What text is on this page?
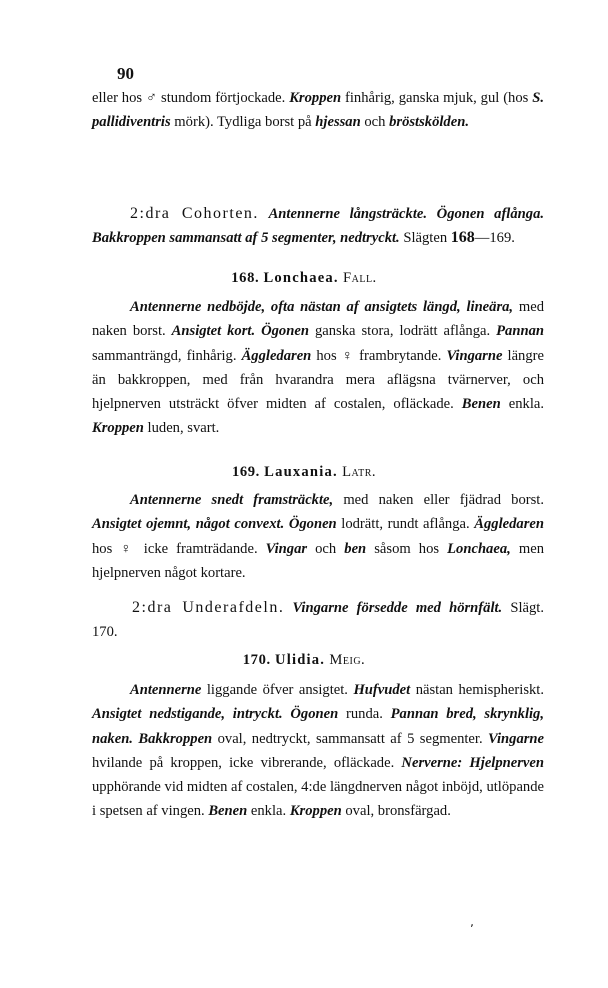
90

eller hos ♂ stundom förtjockade. Kroppen finhårig, ganska mjuk, gul (hos S. pallidiventris mörk). Tydliga borst på hjessan och bröstskölden.

2:dra Cohorten. Antennerne långsträckte. Ögonen aflånga. Bakkroppen sammansatt af 5 segmenter, nedtryckt. Slägten 168—169.

168. Lonchaea. Fall.

Antennerne nedböjde, ofta nästan af ansigtets längd, lineära, med naken borst. Ansigtet kort. Ögonen ganska stora, lodrätt aflånga. Pannan sammanträngd, finhårig. Äggledaren hos ♀ frambrytande. Vingarne längre än bakkroppen, med från hvarandra mera aflägsna tvärnerver, och hjelpnerven utsträckt öfver midten af costalen, ofläckade. Benen enkla. Kroppen luden, svart.

169. Lauxania. Latr.

Antennerne snedt framsträckte, med naken eller fjädrad borst. Ansigtet ojemnt, något convext. Ögonen lodrätt, rundt aflånga. Äggledaren hos ♀ icke framträdande. Vingar och ben såsom hos Lonchaea, men hjelpnerven något kortare.

2:dra Underafdeln. Vingarne försedde med hörnfält. Slägt. 170.

170. Ulidia. Meig.

Antennerne liggande öfver ansigtet. Hufvudet nästan hemispheriskt. Ansigtet nedstigande, intryckt. Ögonen runda. Pannan bred, skrynklig, naken. Bakkroppen oval, nedtryckt, sammansatt af 5 segmenter. Vingarne hvilande på kroppen, icke vibrerande, ofläckade. Nerverne: Hjelpnerven upphörande vid midten af costalen, 4:de längdnerven något inböjd, utlöpande i spetsen af vingen. Benen enkla. Kroppen oval, bronsfärgad.

٬
